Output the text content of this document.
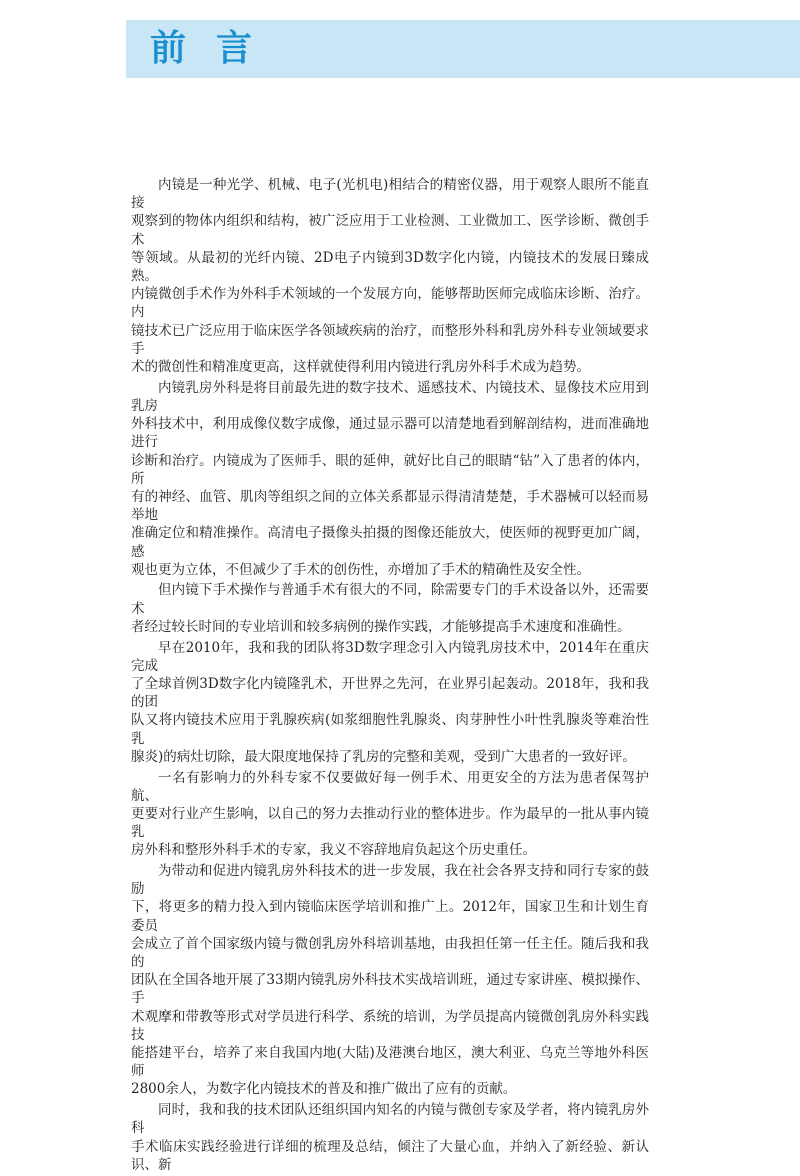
前言

内镜是一种光学、机械、电子(光机电)相结合的精密仪器，用于观察人眼所不能直接
观察到的物体内组织和结构，被广泛应用于工业检测、工业微加工、医学诊断、微创手术
等领域。从最初的光纤内镜、2D电子内镜到3D数字化内镜，内镜技术的发展日臻成熟。
内镜微创手术作为外科手术领域的一个发展方向，能够帮助医师完成临床诊断、治疗。内
镜技术已广泛应用于临床医学各领域疾病的治疗，而整形外科和乳房外科专业领域要求手
术的微创性和精准度更高，这样就使得利用内镜进行乳房外科手术成为趋势。

内镜乳房外科是将目前最先进的数字技术、遥感技术、内镜技术、显像技术应用到乳房
外科技术中，利用成像仪数字成像，通过显示器可以清楚地看到解剖结构，进而准确地进行
诊断和治疗。内镜成为了医师手、眼的延伸，就好比自己的眼睛“钻”入了患者的体内，所
有的神经、血管、肌肉等组织之间的立体关系都显示得清清楚楚，手术器械可以轻而易举地
准确定位和精准操作。高清电子摄像头拍摄的图像还能放大，使医师的视野更加广阔，感
观也更为立体，不但减少了手术的创伤性，亦增加了手术的精确性及安全性。

但内镜下手术操作与普通手术有很大的不同，除需要专门的手术设备以外，还需要术
者经过较长时间的专业培训和较多病例的操作实践，才能够提高手术速度和准确性。

早在2010年，我和我的团队将3D数字理念引入内镜乳房技术中，2014年在重庆完成
了全球首例3D数字化内镜隆乳术，开世界之先河，在业界引起轰动。2018年，我和我的团
队又将内镜技术应用于乳腺疾病(如浆细胞性乳腺炎、肉芽肿性小叶性乳腺炎等难治性乳
腺炎)的病灶切除，最大限度地保持了乳房的完整和美观，受到广大患者的一致好评。

一名有影响力的外科专家不仅要做好每一例手术、用更安全的方法为患者保驾护航、
更要对行业产生影响，以自己的努力去推动行业的整体进步。作为最早的一批从事内镜乳
房外科和整形外科手术的专家，我义不容辞地肩负起这个历史重任。

为带动和促进内镜乳房外科技术的进一步发展，我在社会各界支持和同行专家的鼓励
下，将更多的精力投入到内镜临床医学培训和推广上。2012年，国家卫生和计划生育委员
会成立了首个国家级内镜与微创乳房外科培训基地，由我担任第一任主任。随后我和我的
团队在全国各地开展了33期内镜乳房外科技术实战培训班，通过专家讲座、模拟操作、手
术观摩和带教等形式对学员进行科学、系统的培训，为学员提高内镜微创乳房外科实践技
能搭建平台，培养了来自我国内地(大陆)及港澳台地区，澳大利亚、乌克兰等地外科医师
2800余人，为数字化内镜技术的普及和推广做出了应有的贡献。

同时，我和我的技术团队还组织国内知名的内镜与微创专家及学者，将内镜乳房外科
手术临床实践经验进行详细的梳理及总结，倾注了大量心血，并纳入了新经验、新认识、新
